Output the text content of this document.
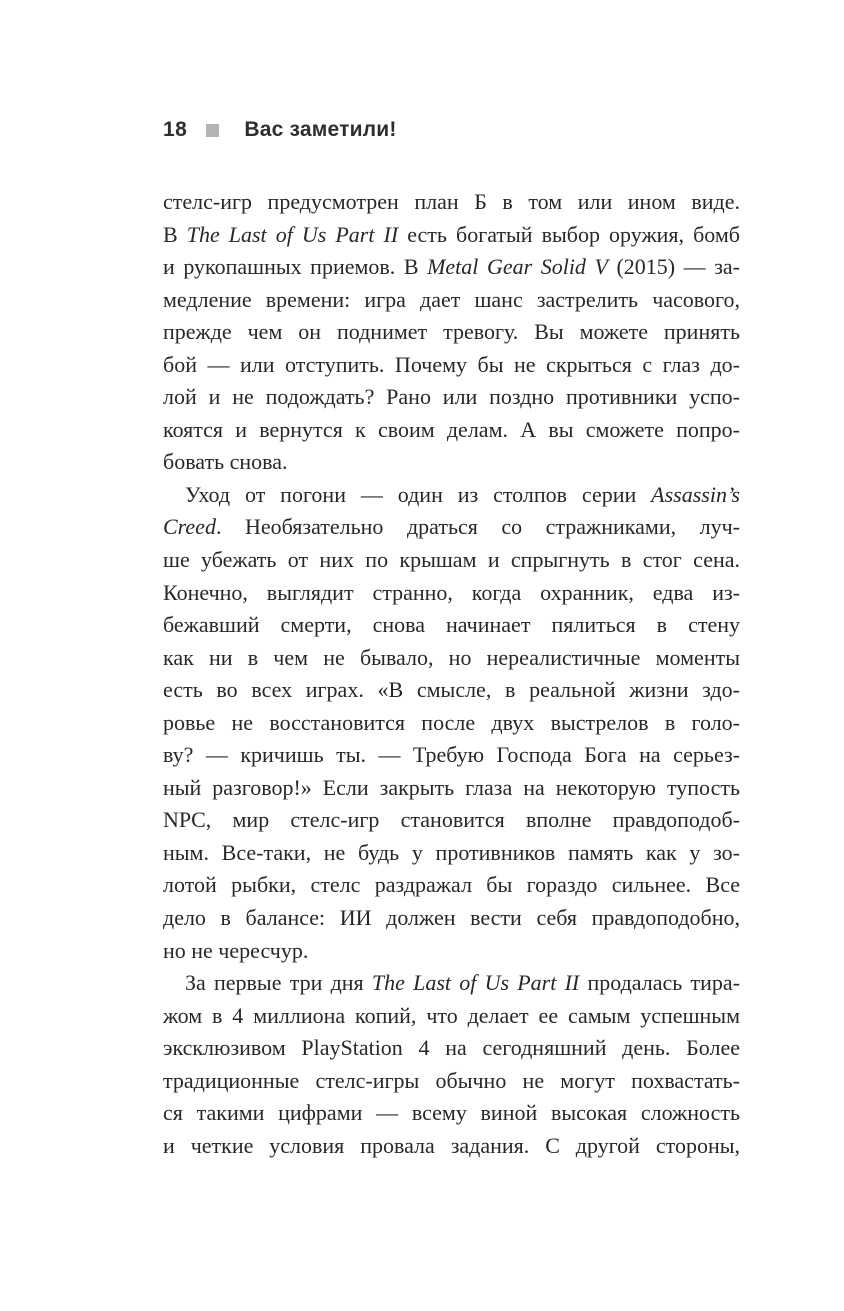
18	Вас заметили!
стелс-игр предусмотрен план Б в том или ином виде.
В The Last of Us Part II есть богатый выбор оружия, бомб
и рукопашных приемов. В Metal Gear Solid V (2015) — за-
медление времени: игра дает шанс застрелить часового,
прежде чем он поднимет тревогу. Вы можете принять
бой — или отступить. Почему бы не скрыться с глаз до-
лой и не подождать? Рано или поздно противники успо-
коятся и вернутся к своим делам. А вы сможете попро-
бовать снова.
Уход от погони — один из столпов серии Assassin’s
Creed. Необязательно драться со стражниками, луч-
ше убежать от них по крышам и спрыгнуть в стог сена.
Конечно, выглядит странно, когда охранник, едва из-
бежавший смерти, снова начинает пялиться в стену
как ни в чем не бывало, но нереалистичные моменты
есть во всех играх. «В смысле, в реальной жизни здо-
ровье не восстановится после двух выстрелов в голо-
ву? — кричишь ты. — Требую Господа Бога на серьез-
ный разговор!» Если закрыть глаза на некоторую тупость
NPC, мир стелс-игр становится вполне правдоподоб-
ным. Все-таки, не будь у противников память как у зо-
лотой рыбки, стелс раздражал бы гораздо сильнее. Все
дело в балансе: ИИ должен вести себя правдоподобно,
но не чересчур.
За первые три дня The Last of Us Part II продалась тира-
жом в 4 миллиона копий, что делает ее самым успешным
эксклюзивом PlayStation 4 на сегодняшний день. Более
традиционные стелс-игры обычно не могут похвастать-
ся такими цифрами — всему виной высокая сложность
и четкие условия провала задания. С другой стороны,
